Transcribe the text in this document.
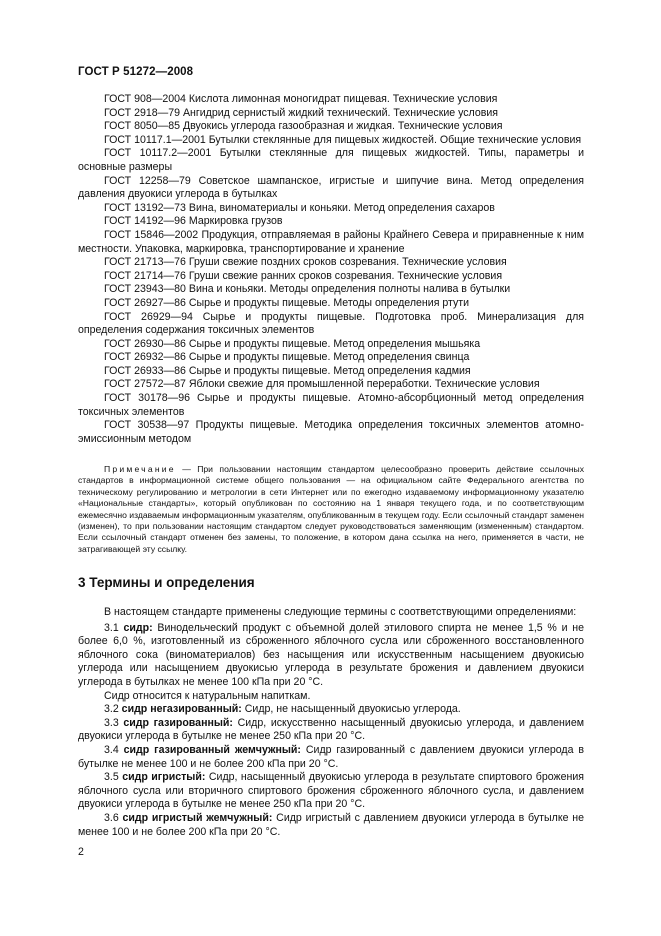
ГОСТ Р 51272—2008
ГОСТ 908—2004 Кислота лимонная моногидрат пищевая. Технические условия
ГОСТ 2918—79 Ангидрид сернистый жидкий технический. Технические условия
ГОСТ 8050—85 Двуокись углерода газообразная и жидкая. Технические условия
ГОСТ 10117.1—2001 Бутылки стеклянные для пищевых жидкостей. Общие технические условия
ГОСТ 10117.2—2001 Бутылки стеклянные для пищевых жидкостей. Типы, параметры и основные размеры
ГОСТ 12258—79 Советское шампанское, игристые и шипучие вина. Метод определения давления двуокиси углерода в бутылках
ГОСТ 13192—73 Вина, виноматериалы и коньяки. Метод определения сахаров
ГОСТ 14192—96 Маркировка грузов
ГОСТ 15846—2002 Продукция, отправляемая в районы Крайнего Севера и приравненные к ним местности. Упаковка, маркировка, транспортирование и хранение
ГОСТ 21713—76 Груши свежие поздних сроков созревания. Технические условия
ГОСТ 21714—76 Груши свежие ранних сроков созревания. Технические условия
ГОСТ 23943—80 Вина и коньяки. Методы определения полноты налива в бутылки
ГОСТ 26927—86 Сырье и продукты пищевые. Методы определения ртути
ГОСТ 26929—94 Сырье и продукты пищевые. Подготовка проб. Минерализация для определения содержания токсичных элементов
ГОСТ 26930—86 Сырье и продукты пищевые. Метод определения мышьяка
ГОСТ 26932—86 Сырье и продукты пищевые. Метод определения свинца
ГОСТ 26933—86 Сырье и продукты пищевые. Метод определения кадмия
ГОСТ 27572—87 Яблоки свежие для промышленной переработки. Технические условия
ГОСТ 30178—96 Сырье и продукты пищевые. Атомно-абсорбционный метод определения токсичных элементов
ГОСТ 30538—97 Продукты пищевые. Методика определения токсичных элементов атомно-эмиссионным методом
Примечание — При пользовании настоящим стандартом целесообразно проверить действие ссылочных стандартов в информационной системе общего пользования — на официальном сайте Федерального агентства по техническому регулированию и метрологии в сети Интернет или по ежегодно издаваемому информационному указателю «Национальные стандарты», который опубликован по состоянию на 1 января текущего года, и по соответствующим ежемесячно издаваемым информационным указателям, опубликованным в текущем году. Если ссылочный стандарт заменен (изменен), то при пользовании настоящим стандартом следует руководствоваться заменяющим (измененным) стандартом. Если ссылочный стандарт отменен без замены, то положение, в котором дана ссылка на него, применяется в части, не затрагивающей эту ссылку.
3 Термины и определения
В настоящем стандарте применены следующие термины с соответствующими определениями:
3.1 сидр: Винодельческий продукт с объемной долей этилового спирта не менее 1,5 % и не более 6,0 %, изготовленный из сброженного яблочного сусла или сброженного восстановленного яблочного сока (виноматериалов) без насыщения или искусственным насыщением двуокисью углерода или насыщением двуокисью углерода в результате брожения и давлением двуокиси углерода в бутылках не менее 100 кПа при 20 °С.
Сидр относится к натуральным напиткам.
3.2 сидр негазированный: Сидр, не насыщенный двуокисью углерода.
3.3 сидр газированный: Сидр, искусственно насыщенный двуокисью углерода, и давлением двуокиси углерода в бутылке не менее 250 кПа при 20 °С.
3.4 сидр газированный жемчужный: Сидр газированный с давлением двуокиси углерода в бутылке не менее 100 и не более 200 кПа при 20 °С.
3.5 сидр игристый: Сидр, насыщенный двуокисью углерода в результате спиртового брожения яблочного сусла или вторичного спиртового брожения сброженного яблочного сусла, и давлением двуокиси углерода в бутылке не менее 250 кПа при 20 °С.
3.6 сидр игристый жемчужный: Сидр игристый с давлением двуокиси углерода в бутылке не менее 100 и не более 200 кПа при 20 °С.
2
